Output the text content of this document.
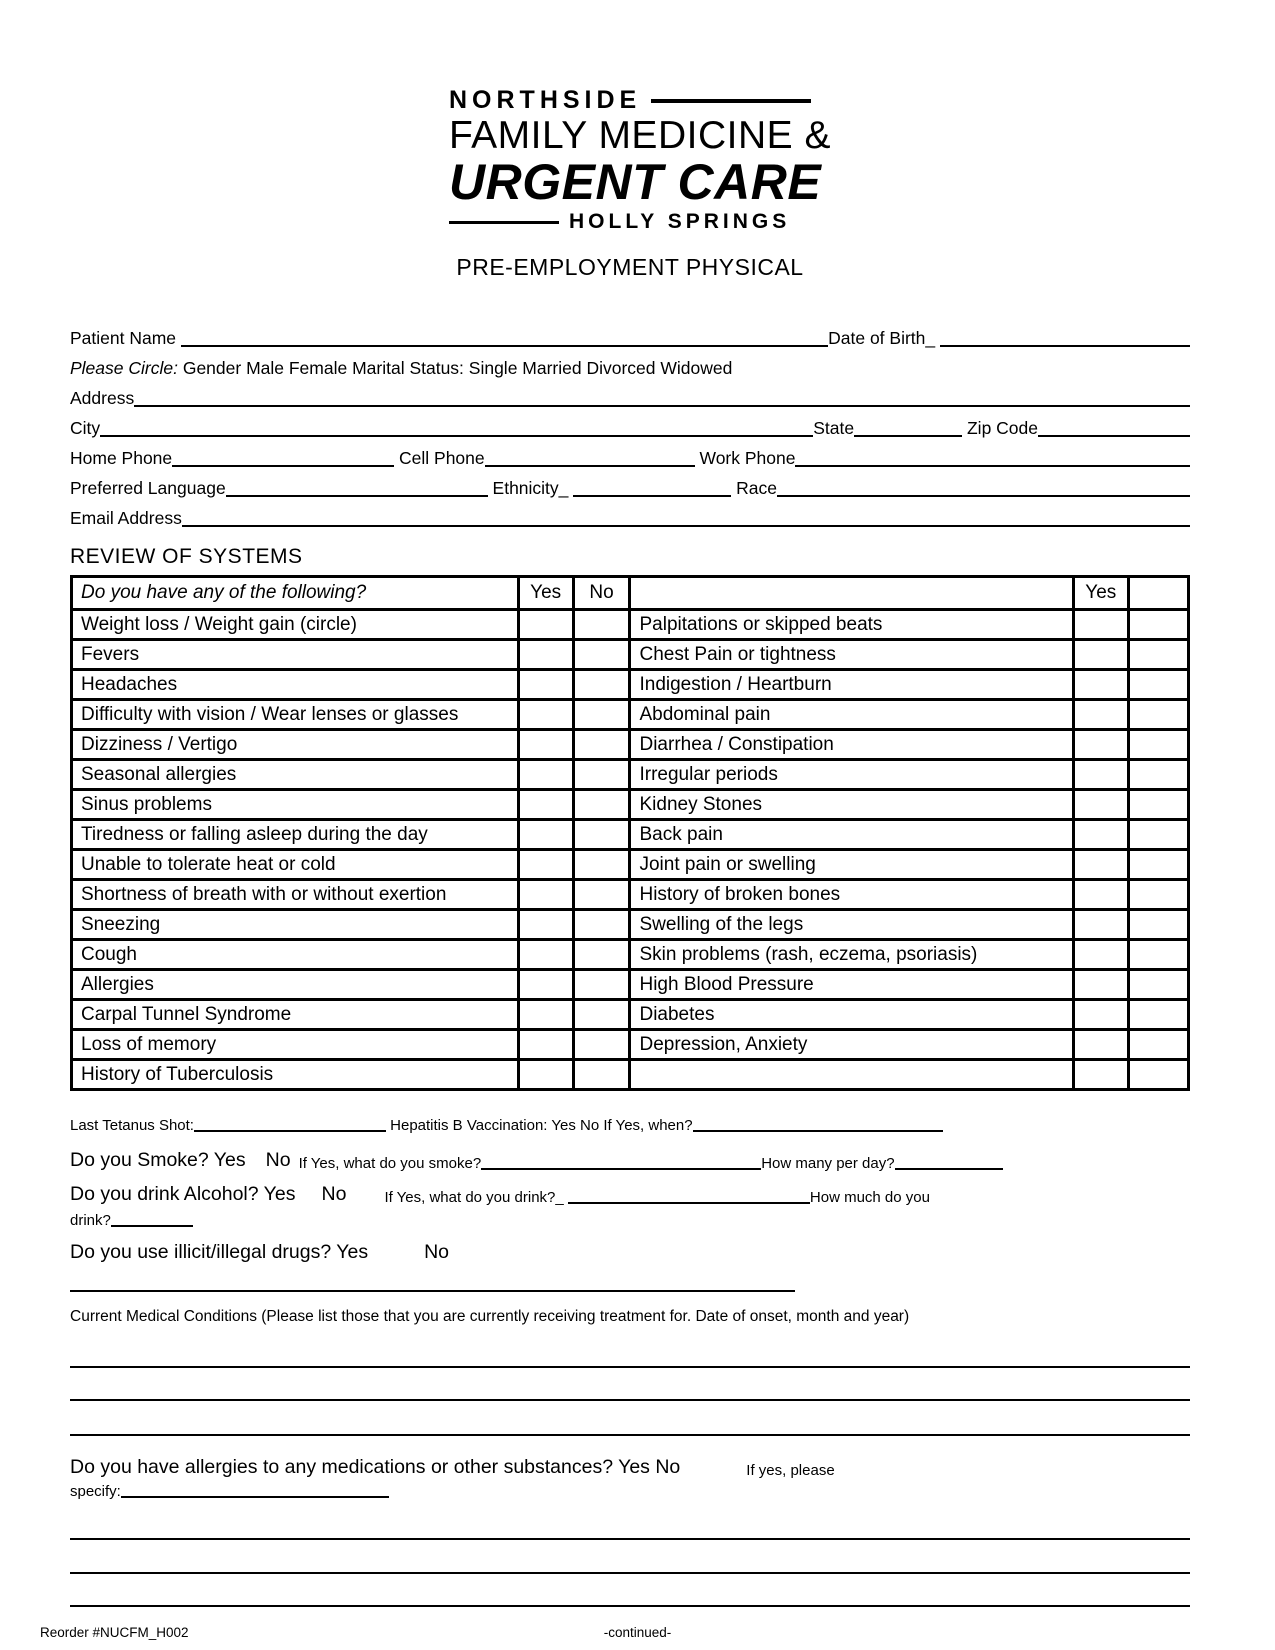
NORTHSIDE
FAMILY MEDICINE &
URGENT CARE
HOLLY SPRINGS
PRE-EMPLOYMENT PHYSICAL
Patient Name	Date of Birth_
Please Circle: Gender Male Female Marital Status: Single Married Divorced Widowed
Address
City	State	Zip Code
Home Phone	Cell Phone	Work Phone
Preferred Language	Ethnicity_	Race
Email Address
REVIEW OF SYSTEMS
Do you have any of the following?	Yes	No		Yes	
Weight loss / Weight gain (circle)			Palpitations or skipped beats		
Fevers			Chest Pain or tightness		
Headaches			Indigestion / Heartburn		
Difficulty with vision / Wear lenses or glasses			Abdominal pain		
Dizziness / Vertigo			Diarrhea / Constipation		
Seasonal allergies			Irregular periods		
Sinus problems			Kidney Stones		
Tiredness or falling asleep during the day			Back pain		
Unable to tolerate heat or cold			Joint pain or swelling		
Shortness of breath with or without exertion			History of broken bones		
Sneezing			Swelling of the legs		
Cough			Skin problems (rash, eczema, psoriasis)		
Allergies			High Blood Pressure		
Carpal Tunnel Syndrome			Diabetes		
Loss of memory			Depression, Anxiety		
History of Tuberculosis					
Last Tetanus Shot:	Hepatitis B Vaccination: Yes No If Yes, when?
Do you Smoke? Yes No If Yes, what do you smoke?	How many per day?
Do you drink Alcohol? Yes No	If Yes, what do you drink?_	How much do you
drink?
Do you use illicit/illegal drugs? Yes	No

Current Medical Conditions (Please list those that you are currently receiving treatment for. Date of onset, month and year)

Do you have allergies to any medications or other substances? Yes No	If yes, please
specify:
Reorder #NUCFM_H002	-continued-
